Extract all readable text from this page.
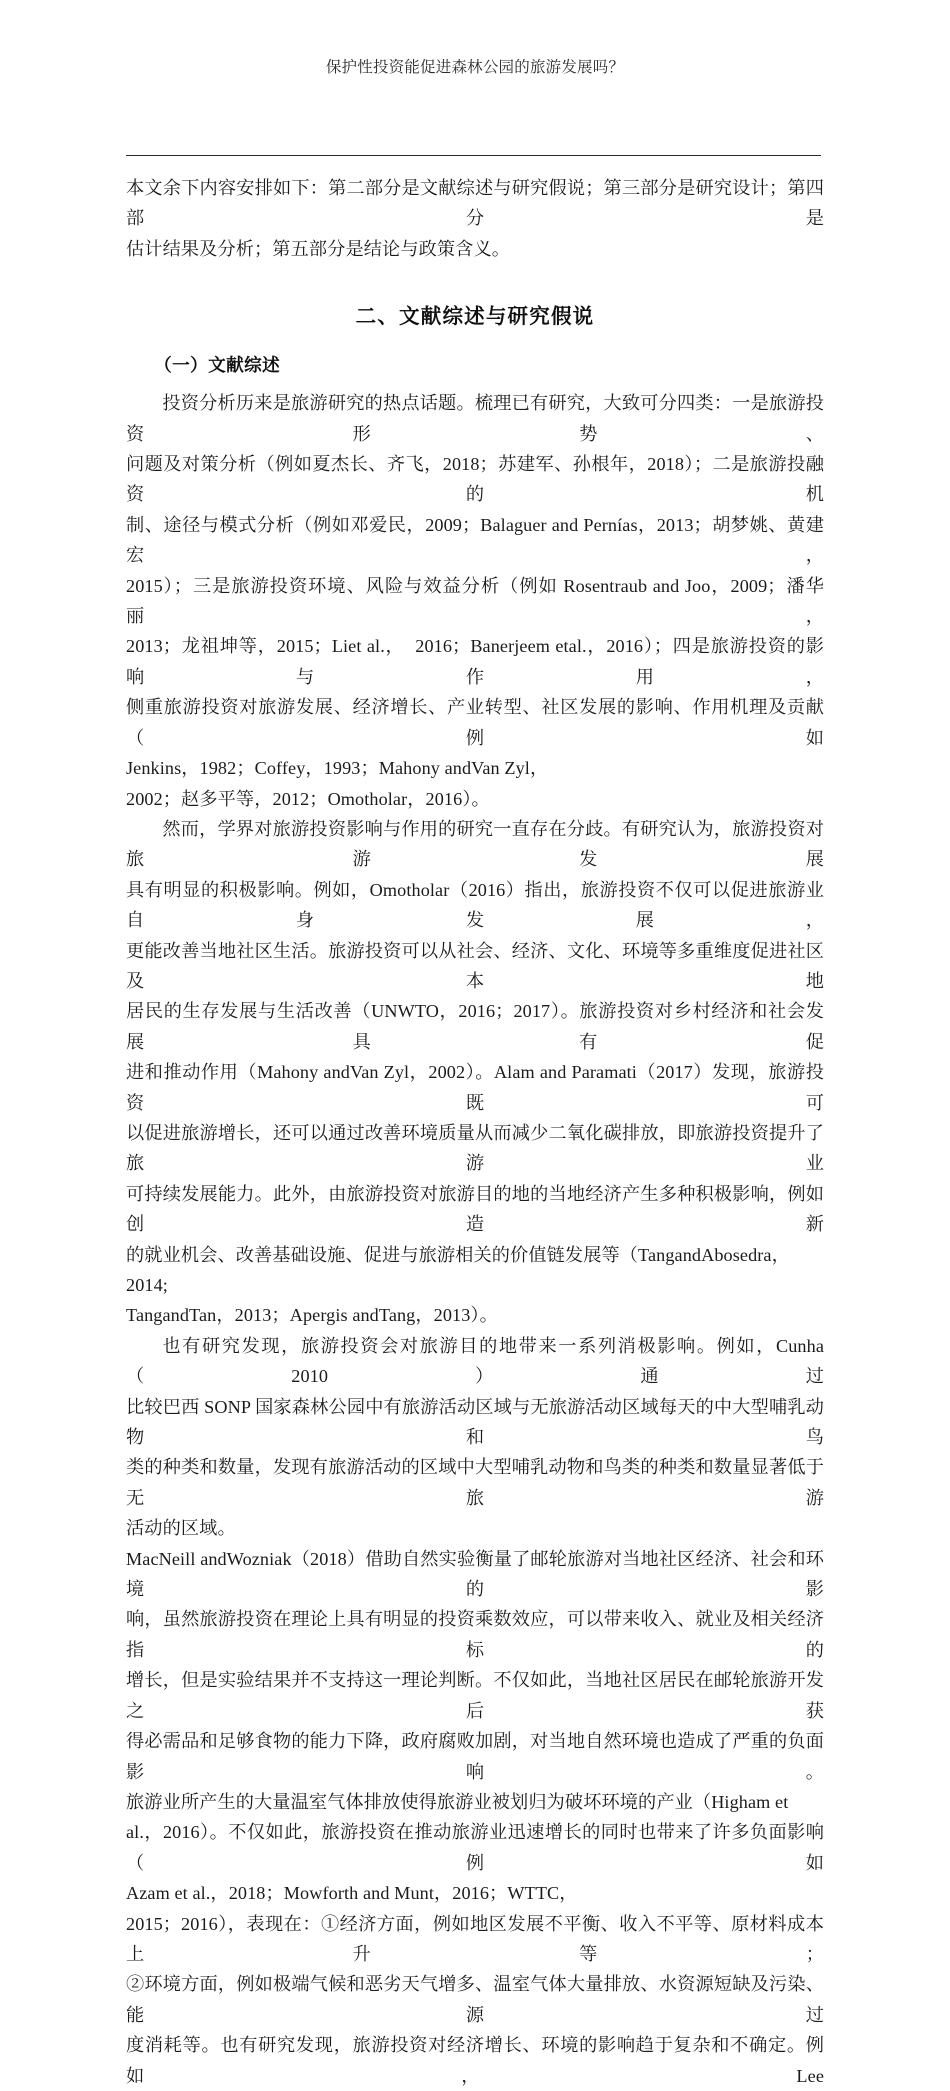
保护性投资能促进森林公园的旅游发展吗？

本文余下内容安排如下：第二部分是文献综述与研究假说；第三部分是研究设计；第四部分是
估计结果及分析；第五部分是结论与政策含义。

二、文献综述与研究假说
（一）文献综述

投资分析历来是旅游研究的热点话题。梳理已有研究，大致可分四类：一是旅游投资形势、
问题及对策分析（例如夏杰长、齐飞，2018；苏建军、孙根年，2018）；二是旅游投融资的机
制、途径与模式分析（例如邓爱民，2009；Balaguer and Pernías，2013；胡梦姚、黄建宏，
2015）；三是旅游投资环境、风险与效益分析（例如 Rosentraub and Joo，2009；潘华丽，
2013；龙祖坤等，2015；Liet al.，  2016；Banerjeem etal.，2016）；四是旅游投资的影响与作用，
侧重旅游投资对旅游发展、经济增长、产业转型、社区发展的影响、作用机理及贡献（例如
Jenkins，1982；Coffey，1993；Mahony andVan Zyl，
2002；赵多平等，2012；Omotholar，2016）。

然而，学界对旅游投资影响与作用的研究一直存在分歧。有研究认为，旅游投资对旅游发展
具有明显的积极影响。例如，Omotholar（2016）指出，旅游投资不仅可以促进旅游业自身发展，
更能改善当地社区生活。旅游投资可以从社会、经济、文化、环境等多重维度促进社区及本地
居民的生存发展与生活改善（UNWTO，2016；2017）。旅游投资对乡村经济和社会发展具有促
进和推动作用（Mahony andVan Zyl，2002）。Alam and Paramati（2017）发现，旅游投资既可
以促进旅游增长，还可以通过改善环境质量从而减少二氧化碳排放，即旅游投资提升了旅游业
可持续发展能力。此外，由旅游投资对旅游目的地的当地经济产生多种积极影响，例如创造新
的就业机会、改善基础设施、促进与旅游相关的价值链发展等（TangandAbosedra，2014;
TangandTan，2013；Apergis andTang，2013）。

也有研究发现，旅游投资会对旅游目的地带来一系列消极影响。例如，Cunha（2010）通过
比较巴西 SONP 国家森林公园中有旅游活动区域与无旅游活动区域每天的中大型哺乳动物和鸟
类的种类和数量，发现有旅游活动的区域中大型哺乳动物和鸟类的种类和数量显著低于无旅游
活动的区域。

MacNeill andWozniak（2018）借助自然实验衡量了邮轮旅游对当地社区经济、社会和环境的影
响，虽然旅游投资在理论上具有明显的投资乘数效应，可以带来收入、就业及相关经济指标的
增长，但是实验结果并不支持这一理论判断。不仅如此，当地社区居民在邮轮旅游开发之后获
得必需品和足够食物的能力下降，政府腐败加剧，对当地自然环境也造成了严重的负面影响。
旅游业所产生的大量温室气体排放使得旅游业被划归为破坏环境的产业（Higham et
al.，2016）。不仅如此，旅游投资在推动旅游业迅速增长的同时也带来了许多负面影响（例如
Azam et al.，2018；Mowforth and Munt，2016；WTTC，
2015；2016），表现在：①经济方面，例如地区发展不平衡、收入不平等、原材料成本上升等；
②环境方面，例如极端气候和恶劣天气增多、温室气体大量排放、水资源短缺及污染、能源过
度消耗等。也有研究发现，旅游投资对经济增长、环境的影响趋于复杂和不确定。例如，Lee
